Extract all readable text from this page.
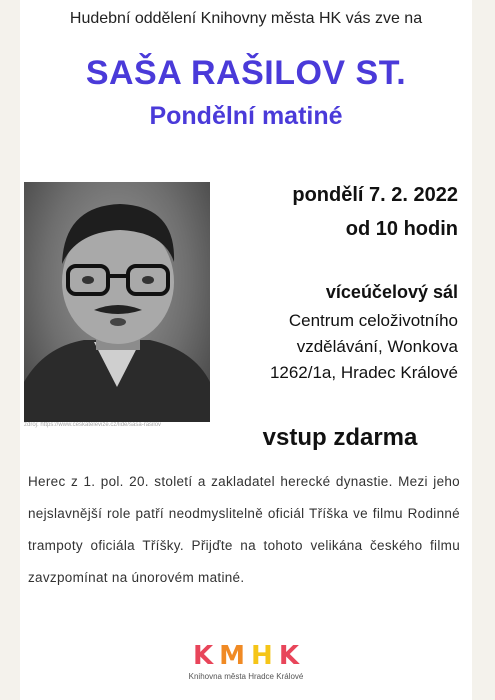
Hudební oddělení Knihovny města HK vás zve na
SAŠA RAŠILOV ST.
Pondělní matiné
zdroj: https://www.ceskatelevize.cz/lide/sasa-rasilov
pondělí 7. 2. 2022
od 10 hodin
víceúčelový sál
Centrum celoživotního
vzdělávání, Wonkova
1262/1a, Hradec Králové
vstup zdarma
Herec z 1. pol. 20. století a zakladatel herecké dynastie. Mezi jeho nejslavnější role patří neodmyslitelně oficiál Tříška ve filmu Rodinné trampoty oficiála Tříšky. Přijďte na tohoto velikána českého filmu zavzpomínat na únorovém matiné.
K M H K
Knihovna města Hradce Králové
